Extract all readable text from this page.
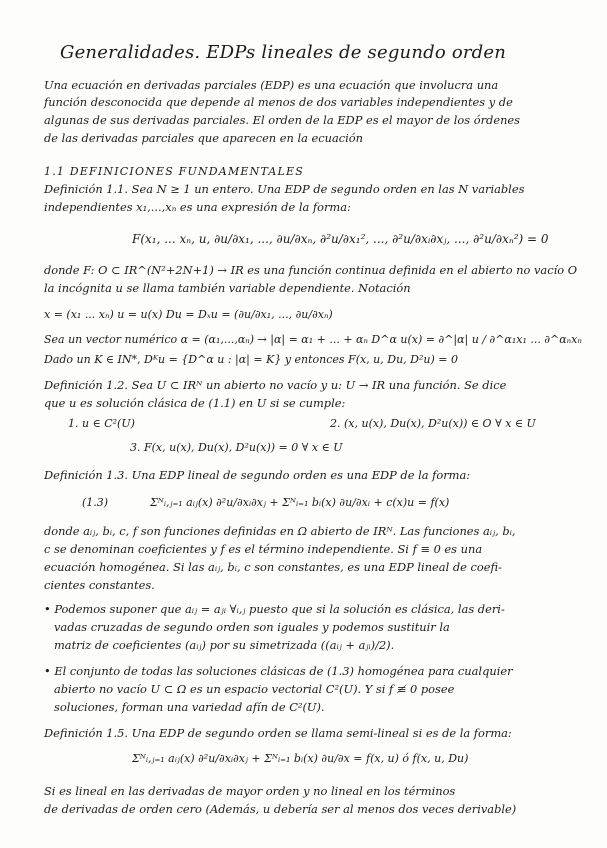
Generalidades. EDPs lineales de segundo orden
Una ecuación en derivadas parciales (EDP) es una ecuación que involucra una
función desconocida que depende al menos de dos variables independientes y de
algunas de sus derivadas parciales. El orden de la EDP es el mayor de los órdenes
de las derivadas parciales que aparecen en la ecuación
1.1 DEFINICIONES FUNDAMENTALES
Definición 1.1. Sea N ≥ 1 un entero. Una EDP de segundo orden en las N variables
independientes x₁,...,xₙ es una expresión de la forma:
F(x₁, ... xₙ, u, ∂u/∂x₁, ..., ∂u/∂xₙ, ∂²u/∂x₁², ..., ∂²u/∂xᵢ∂xⱼ, ..., ∂²u/∂xₙ²) = 0
donde F: O ⊂ IR^(N²+2N+1) → IR es una función continua definida en el abierto no vacío O
la incógnita u se llama también variable dependiente. Notación
x = (x₁ ... xₙ) u = u(x) Du = Dₓu = (∂u/∂x₁, ..., ∂u/∂xₙ)
Sea un vector numérico α = (α₁,...,αₙ) → |α| = α₁ + ... + αₙ D^α u(x) = ∂^|α| u / ∂^α₁x₁ ... ∂^αₙxₙ
Dado un K ∈ IN*, Dᴷu = {D^α u : |α| = K} y entonces F(x, u, Du, D²u) = 0
Definición 1.2. Sea U ⊂ IRᴺ un abierto no vacío y u: U → IR una función. Se dice
que u es solución clásica de (1.1) en U si se cumple:
1. u ∈ C²(U)	2. (x, u(x), Du(x), D²u(x)) ∈ O ∀ x ∈ U
3. F(x, u(x), Du(x), D²u(x)) = 0 ∀ x ∈ U
Definición 1.3. Una EDP lineal de segundo orden es una EDP de la forma:
(1.3)	Σᴺᵢ,ⱼ₌₁ aᵢⱼ(x) ∂²u/∂xᵢ∂xⱼ + Σᴺᵢ₌₁ bᵢ(x) ∂u/∂xᵢ + c(x)u = f(x)
donde aᵢⱼ, bᵢ, c, f son funciones definidas en Ω abierto de IRᴺ. Las funciones aᵢⱼ, bᵢ,
c se denominan coeficientes y f es el término independiente. Si f ≡ 0 es una
ecuación homogénea. Si las aᵢⱼ, bᵢ, c son constantes, es una EDP lineal de coefi-
cientes constantes.
• Podemos suponer que aᵢⱼ = aⱼᵢ ∀ᵢ,ⱼ puesto que si la solución es clásica, las deri-
vadas cruzadas de segundo orden son iguales y podemos sustituir la
matriz de coeficientes (aᵢⱼ) por su simetrizada ((aᵢⱼ + aⱼᵢ)/2).
• El conjunto de todas las soluciones clásicas de (1.3) homogénea para cualquier
abierto no vacío U ⊂ Ω es un espacio vectorial C²(U). Y si f ≢ 0 posee
soluciones, forman una variedad afín de C²(U).
Definición 1.5. Una EDP de segundo orden se llama semi-lineal si es de la forma:
Σᴺᵢ,ⱼ₌₁ aᵢⱼ(x) ∂²u/∂xᵢ∂xⱼ + Σᴺᵢ₌₁ bᵢ(x) ∂u/∂x = f(x, u) ó f(x, u, Du)
Si es lineal en las derivadas de mayor orden y no lineal en los términos
de derivadas de orden cero (Además, u debería ser al menos dos veces derivable)
